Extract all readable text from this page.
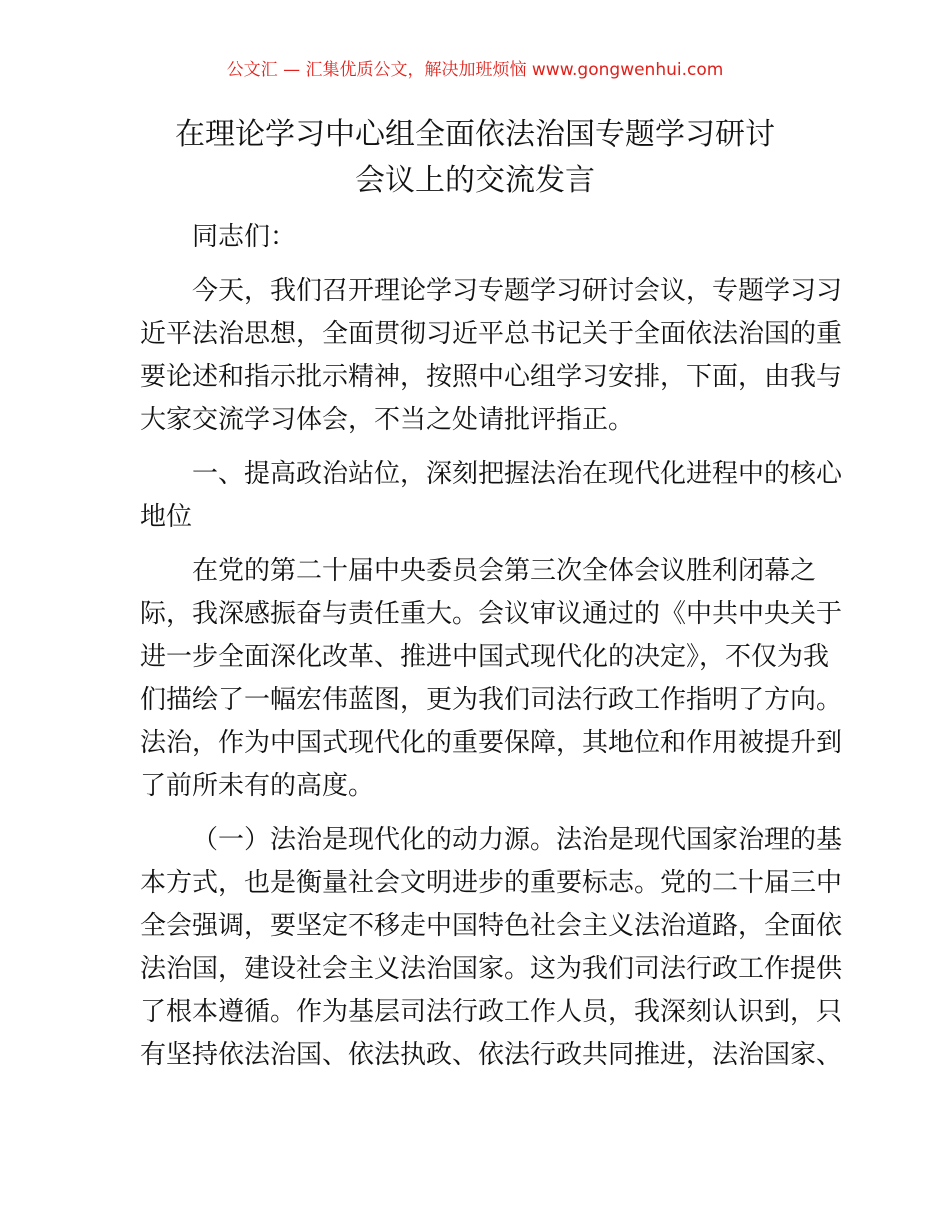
公文汇 — 汇集优质公文，解决加班烦恼 www.gongwenhui.com
在理论学习中心组全面依法治国专题学习研讨
会议上的交流发言
同志们：
今天，我们召开理论学习专题学习研讨会议，专题学习习
近平法治思想，全面贯彻习近平总书记关于全面依法治国的重
要论述和指示批示精神，按照中心组学习安排，下面，由我与
大家交流学习体会，不当之处请批评指正。
一、提高政治站位，深刻把握法治在现代化进程中的核心
地位
在党的第二十届中央委员会第三次全体会议胜利闭幕之
际，我深感振奋与责任重大。会议审议通过的《中共中央关于
进一步全面深化改革、推进中国式现代化的决定》，不仅为我
们描绘了一幅宏伟蓝图，更为我们司法行政工作指明了方向。
法治，作为中国式现代化的重要保障，其地位和作用被提升到
了前所未有的高度。
（一）法治是现代化的动力源。法治是现代国家治理的基
本方式，也是衡量社会文明进步的重要标志。党的二十届三中
全会强调，要坚定不移走中国特色社会主义法治道路，全面依
法治国，建设社会主义法治国家。这为我们司法行政工作提供
了根本遵循。作为基层司法行政工作人员，我深刻认识到，只
有坚持依法治国、依法执政、依法行政共同推进，法治国家、
